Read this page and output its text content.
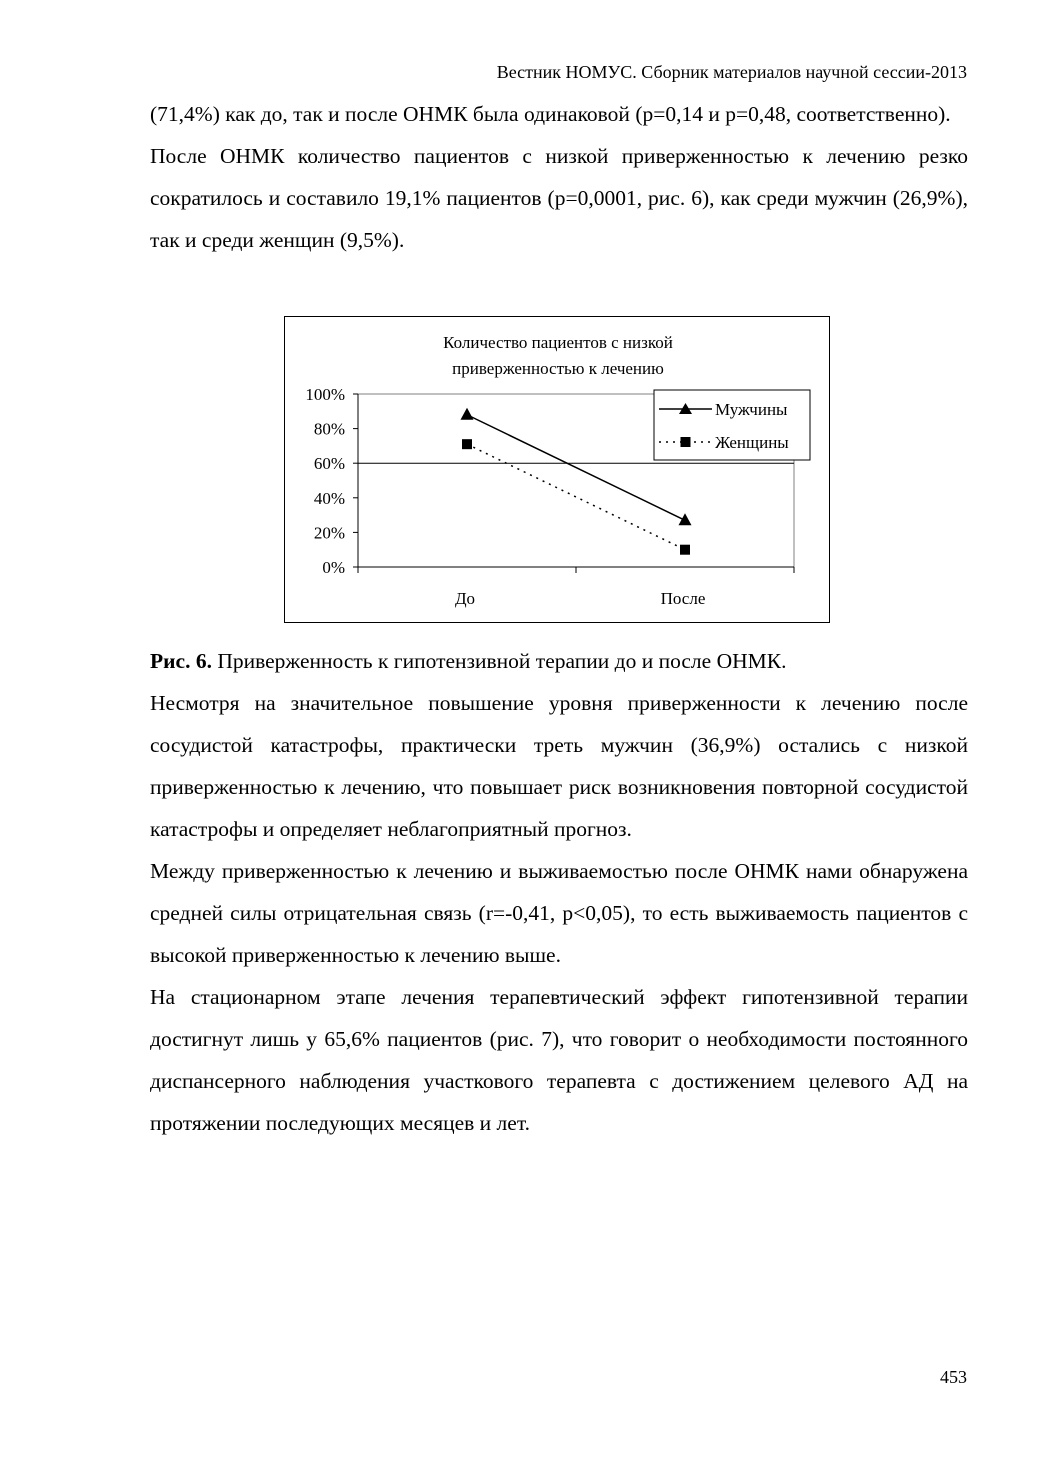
Вестник НОМУС. Сборник материалов научной сессии-2013

(71,4%) как до, так и после ОНМК была одинаковой (p=0,14 и p=0,48, соответственно).

После ОНМК количество пациентов с низкой приверженностью к лечению резко сократилось и составило 19,1% пациентов (p=0,0001, рис. 6), как среди мужчин (26,9%), так и среди женщин (9,5%).

Количество пациентов с низкой
приверженностью к лечению
0%
20%
40%
60%
80%
100%
До	После
Мужчины
Женщины

Рис. 6. Приверженность к гипотензивной терапии до и после ОНМК.

Несмотря на значительное повышение уровня приверженности к лечению после сосудистой катастрофы, практически треть мужчин (36,9%) остались с низкой приверженностью к лечению, что повышает риск возникновения повторной сосудистой катастрофы и определяет неблагоприятный прогноз.

Между приверженностью к лечению и выживаемостью после ОНМК нами обнаружена средней силы отрицательная связь (r=-0,41, p<0,05), то есть выживаемость пациентов с высокой приверженностью к лечению выше.

На стационарном этапе лечения терапевтический эффект гипотензивной терапии достигнут лишь у 65,6% пациентов (рис. 7), что говорит о необходимости постоянного диспансерного наблюдения участкового терапевта с достижением целевого АД на протяжении последующих месяцев и лет.

453
